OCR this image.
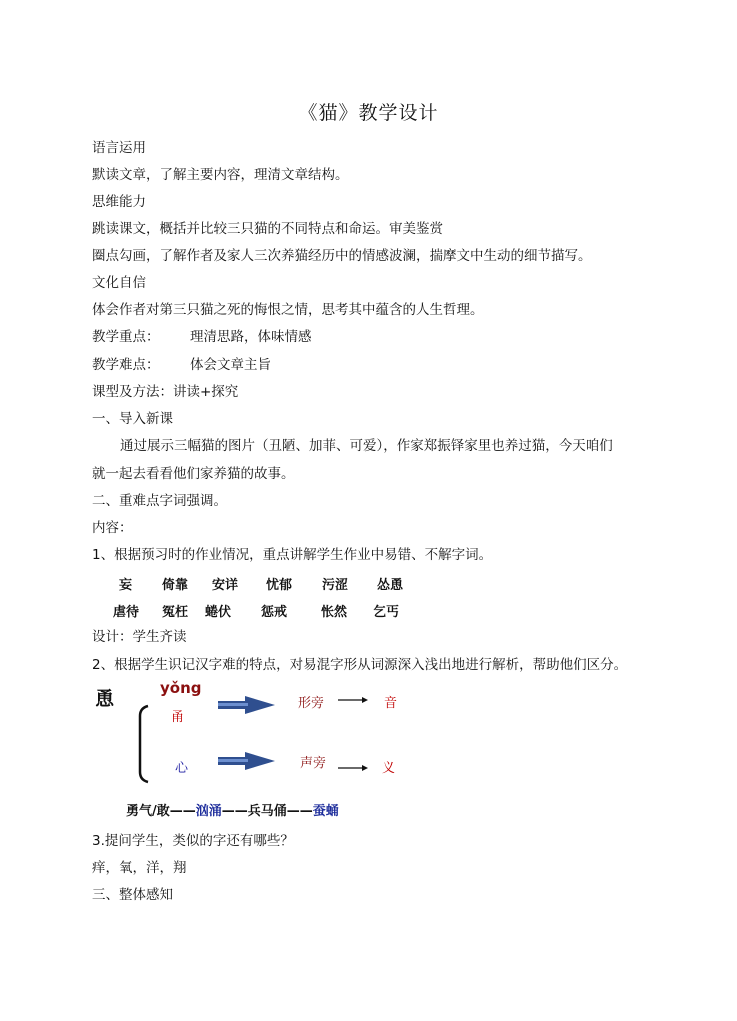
《猫》教学设计
语言运用
默读文章，了解主要内容，理清文章结构。
思维能力
跳读课文，概括并比较三只猫的不同特点和命运。审美鉴赏
圈点勾画，了解作者及家人三次养猫经历中的情感波澜，揣摩文中生动的细节描写。
文化自信
体会作者对第三只猫之死的悔恨之情，思考其中蕴含的人生哲理。
教学重点： 理清思路，体味情感
教学难点： 体会文章主旨
课型及方法：讲读+探究
一、导入新课
通过展示三幅猫的图片（丑陋、加菲、可爱），作家郑振铎家里也养过猫，今天咱们
就一起去看看他们家养猫的故事。
二、重难点字词强调。
内容：
1、根据预习时的作业情况，重点讲解学生作业中易错、不解字词。
妄 倚靠 安详 忧郁 污涩 怂恿
虐待 冤枉 蜷伏 惩戒	怅然 乞丐
设计：学生齐读
2、根据学生识记汉字难的特点，对易混字形从词源深入浅出地进行解析，帮助他们区分。
恿	yǒng
甬
心
形旁
声旁
音
义
勇气/敢——汹涌——兵马俑——蚕蛹
3.提问学生，类似的字还有哪些？
痒，氧，洋，翔
三、整体感知
